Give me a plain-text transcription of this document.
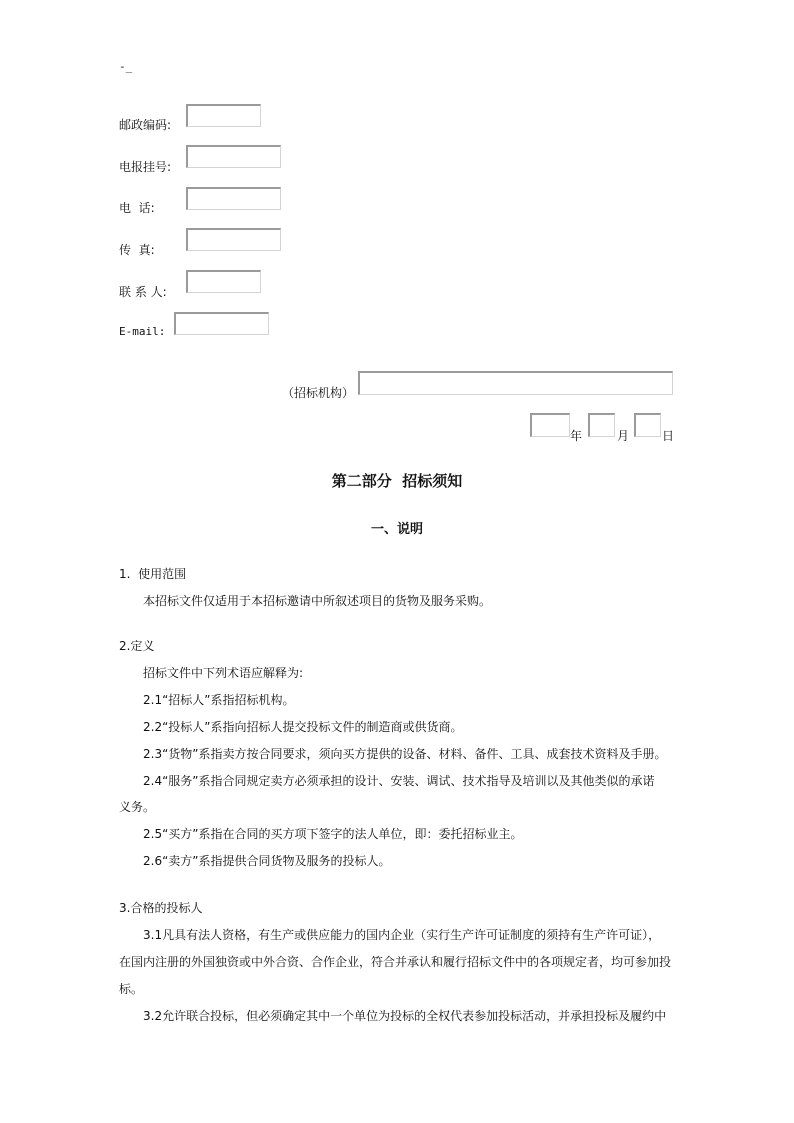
-_
邮政编码:
电报挂号:
电  话:
传  真:
联 系 人:
E-mail:
（招标机构）
年	月	日
第二部分  招标须知
一、说明
1.  使用范围
本招标文件仅适用于本招标邀请中所叙述项目的货物及服务采购。
2.定义
招标文件中下列术语应解释为:
2.1“招标人”系指招标机构。
2.2“投标人”系指向招标人提交投标文件的制造商或供货商。
2.3“货物”系指卖方按合同要求，须向买方提供的设备、材料、备件、工具、成套技术资料及手册。
2.4“服务”系指合同规定卖方必须承担的设计、安装、调试、技术指导及培训以及其他类似的承诺
义务。
2.5“买方”系指在合同的买方项下签字的法人单位，即：委托招标业主。
2.6“卖方”系指提供合同货物及服务的投标人。
3.合格的投标人
3.1凡具有法人资格，有生产或供应能力的国内企业（实行生产许可证制度的须持有生产许可证），
在国内注册的外国独资或中外合资、合作企业，符合并承认和履行招标文件中的各项规定者，均可参加投
标。
3.2允许联合投标，但必须确定其中一个单位为投标的全权代表参加投标活动，并承担投标及履约中
